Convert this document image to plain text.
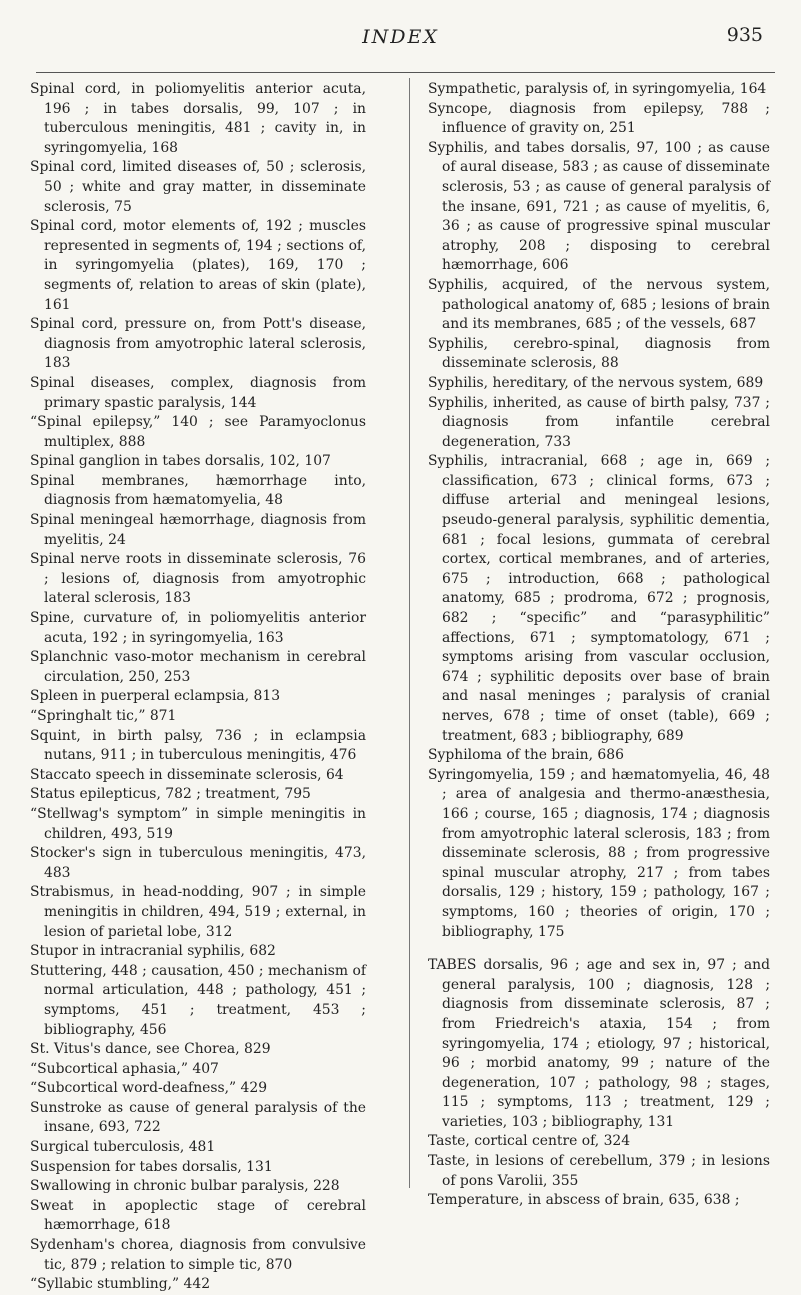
INDEX	935

Spinal cord, in poliomyelitis anterior acuta, 196 ; in tabes dorsalis, 99, 107 ; in tuberculous meningitis, 481 ; cavity in, in syringomyelia, 168

Spinal cord, limited diseases of, 50 ; sclerosis, 50 ; white and gray matter, in disseminate sclerosis, 75

Spinal cord, motor elements of, 192 ; muscles represented in segments of, 194 ; sections of, in syringomyelia (plates), 169, 170 ; segments of, relation to areas of skin (plate), 161

Spinal cord, pressure on, from Pott's disease, diagnosis from amyotrophic lateral sclerosis, 183

Spinal diseases, complex, diagnosis from primary spastic paralysis, 144

“Spinal epilepsy,” 140 ; see Paramyoclonus multiplex, 888

Spinal ganglion in tabes dorsalis, 102, 107

Spinal membranes, hæmorrhage into, diagnosis from hæmatomyelia, 48

Spinal meningeal hæmorrhage, diagnosis from myelitis, 24

Spinal nerve roots in disseminate sclerosis, 76 ; lesions of, diagnosis from amyotrophic lateral sclerosis, 183

Spine, curvature of, in poliomyelitis anterior acuta, 192 ; in syringomyelia, 163

Splanchnic vaso-motor mechanism in cerebral circulation, 250, 253

Spleen in puerperal eclampsia, 813

“Springhalt tic,” 871

Squint, in birth palsy, 736 ; in eclampsia nutans, 911 ; in tuberculous meningitis, 476

Staccato speech in disseminate sclerosis, 64

Status epilepticus, 782 ; treatment, 795

“Stellwag's symptom” in simple meningitis in children, 493, 519

Stocker's sign in tuberculous meningitis, 473, 483

Strabismus, in head-nodding, 907 ; in simple meningitis in children, 494, 519 ; external, in lesion of parietal lobe, 312

Stupor in intracranial syphilis, 682

Stuttering, 448 ; causation, 450 ; mechanism of normal articulation, 448 ; pathology, 451 ; symptoms, 451 ; treatment, 453 ; bibliography, 456

St. Vitus's dance, see Chorea, 829

“Subcortical aphasia,” 407

“Subcortical word-deafness,” 429

Sunstroke as cause of general paralysis of the insane, 693, 722

Surgical tuberculosis, 481

Suspension for tabes dorsalis, 131

Swallowing in chronic bulbar paralysis, 228

Sweat in apoplectic stage of cerebral hæmorrhage, 618

Sydenham's chorea, diagnosis from convulsive tic, 879 ; relation to simple tic, 870

“Syllabic stumbling,” 442

Sympathetic, paralysis of, in syringomyelia, 164

Syncope, diagnosis from epilepsy, 788 ; influence of gravity on, 251

Syphilis, and tabes dorsalis, 97, 100 ; as cause of aural disease, 583 ; as cause of disseminate sclerosis, 53 ; as cause of general paralysis of the insane, 691, 721 ; as cause of myelitis, 6, 36 ; as cause of progressive spinal muscular atrophy, 208 ; disposing to cerebral hæmorrhage, 606

Syphilis, acquired, of the nervous system, pathological anatomy of, 685 ; lesions of brain and its membranes, 685 ; of the vessels, 687

Syphilis, cerebro-spinal, diagnosis from disseminate sclerosis, 88

Syphilis, hereditary, of the nervous system, 689

Syphilis, inherited, as cause of birth palsy, 737 ; diagnosis from infantile cerebral degeneration, 733

Syphilis, intracranial, 668 ; age in, 669 ; classification, 673 ; clinical forms, 673 ; diffuse arterial and meningeal lesions, pseudo-general paralysis, syphilitic dementia, 681 ; focal lesions, gummata of cerebral cortex, cortical membranes, and of arteries, 675 ; introduction, 668 ; pathological anatomy, 685 ; prodroma, 672 ; prognosis, 682 ; “specific” and “parasyphilitic” affections, 671 ; symptomatology, 671 ; symptoms arising from vascular occlusion, 674 ; syphilitic deposits over base of brain and nasal meninges ; paralysis of cranial nerves, 678 ; time of onset (table), 669 ; treatment, 683 ; bibliography, 689

Syphiloma of the brain, 686

Syringomyelia, 159 ; and hæmatomyelia, 46, 48 ; area of analgesia and thermo-anæsthesia, 166 ; course, 165 ; diagnosis, 174 ; diagnosis from amyotrophic lateral sclerosis, 183 ; from disseminate sclerosis, 88 ; from progressive spinal muscular atrophy, 217 ; from tabes dorsalis, 129 ; history, 159 ; pathology, 167 ; symptoms, 160 ; theories of origin, 170 ; bibliography, 175

TABES dorsalis, 96 ; age and sex in, 97 ; and general paralysis, 100 ; diagnosis, 128 ; diagnosis from disseminate sclerosis, 87 ; from Friedreich's ataxia, 154 ; from syringomyelia, 174 ; etiology, 97 ; historical, 96 ; morbid anatomy, 99 ; nature of the degeneration, 107 ; pathology, 98 ; stages, 115 ; symptoms, 113 ; treatment, 129 ; varieties, 103 ; bibliography, 131

Taste, cortical centre of, 324

Taste, in lesions of cerebellum, 379 ; in lesions of pons Varolii, 355

Temperature, in abscess of brain, 635, 638 ;
